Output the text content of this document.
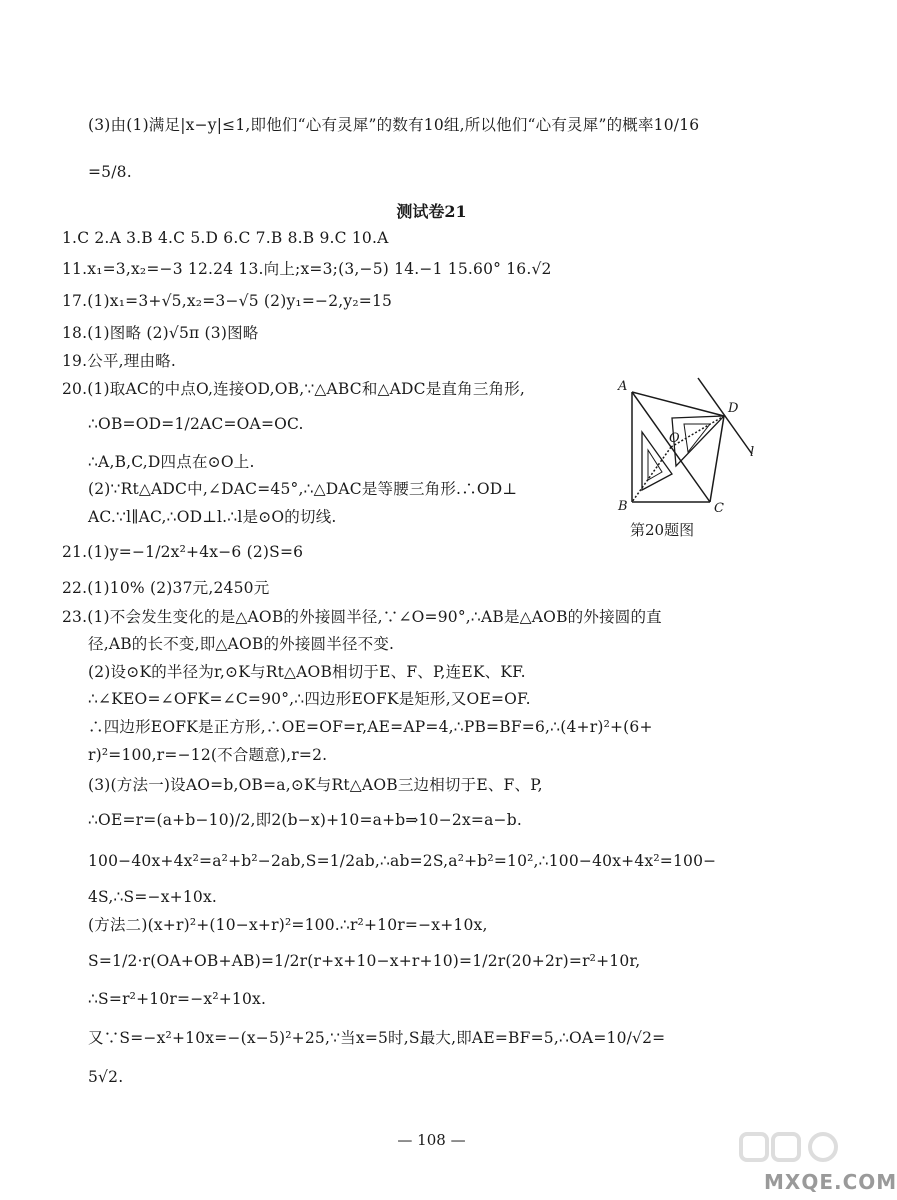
(3)由(1)满足|x−y|≤1,即他们“心有灵犀”的数有10组,所以他们“心有灵犀”的概率10/16
=5/8.
测试卷21
1.C 2.A 3.B 4.C 5.D 6.C 7.B 8.B 9.C 10.A
11.x₁=3,x₂=−3 12.24 13.向上;x=3;(3,−5) 14.−1 15.60° 16.√2
17.(1)x₁=3+√5,x₂=3−√5 (2)y₁=−2,y₂=15
18.(1)图略 (2)√5π (3)图略
19.公平,理由略.
20.(1)取AC的中点O,连接OD,OB,∵△ABC和△ADC是直角三角形,
∴OB=OD=1/2AC=OA=OC.
∴A,B,C,D四点在⊙O上.
(2)∵Rt△ADC中,∠DAC=45°,∴△DAC是等腰三角形.∴OD⊥
AC.∵l∥AC,∴OD⊥l.∴l是⊙O的切线.
A
B	C
D
O
l
第20题图
21.(1)y=−1/2x²+4x−6 (2)S=6
22.(1)10% (2)37元,2450元
23.(1)不会发生变化的是△AOB的外接圆半径,∵∠O=90°,∴AB是△AOB的外接圆的直
径,AB的长不变,即△AOB的外接圆半径不变.
(2)设⊙K的半径为r,⊙K与Rt△AOB相切于E、F、P,连EK、KF.
∴∠KEO=∠OFK=∠C=90°,∴四边形EOFK是矩形,又OE=OF.
∴四边形EOFK是正方形,∴OE=OF=r,AE=AP=4,∴PB=BF=6,∴(4+r)²+(6+
r)²=100,r=−12(不合题意),r=2.
(3)(方法一)设AO=b,OB=a,⊙K与Rt△AOB三边相切于E、F、P,
∴OE=r=(a+b−10)/2,即2(b−x)+10=a+b⇒10−2x=a−b.
100−40x+4x²=a²+b²−2ab,S=1/2ab,∴ab=2S,a²+b²=10²,∴100−40x+4x²=100−
4S,∴S=−x+10x.
(方法二)(x+r)²+(10−x+r)²=100.∴r²+10r=−x+10x,
S=1/2·r(OA+OB+AB)=1/2r(r+x+10−x+r+10)=1/2r(20+2r)=r²+10r,
∴S=r²+10r=−x²+10x.
又∵S=−x²+10x=−(x−5)²+25,∵当x=5时,S最大,即AE=BF=5,∴OA=10/√2=
5√2.
— 108 —
MXQE.COM
